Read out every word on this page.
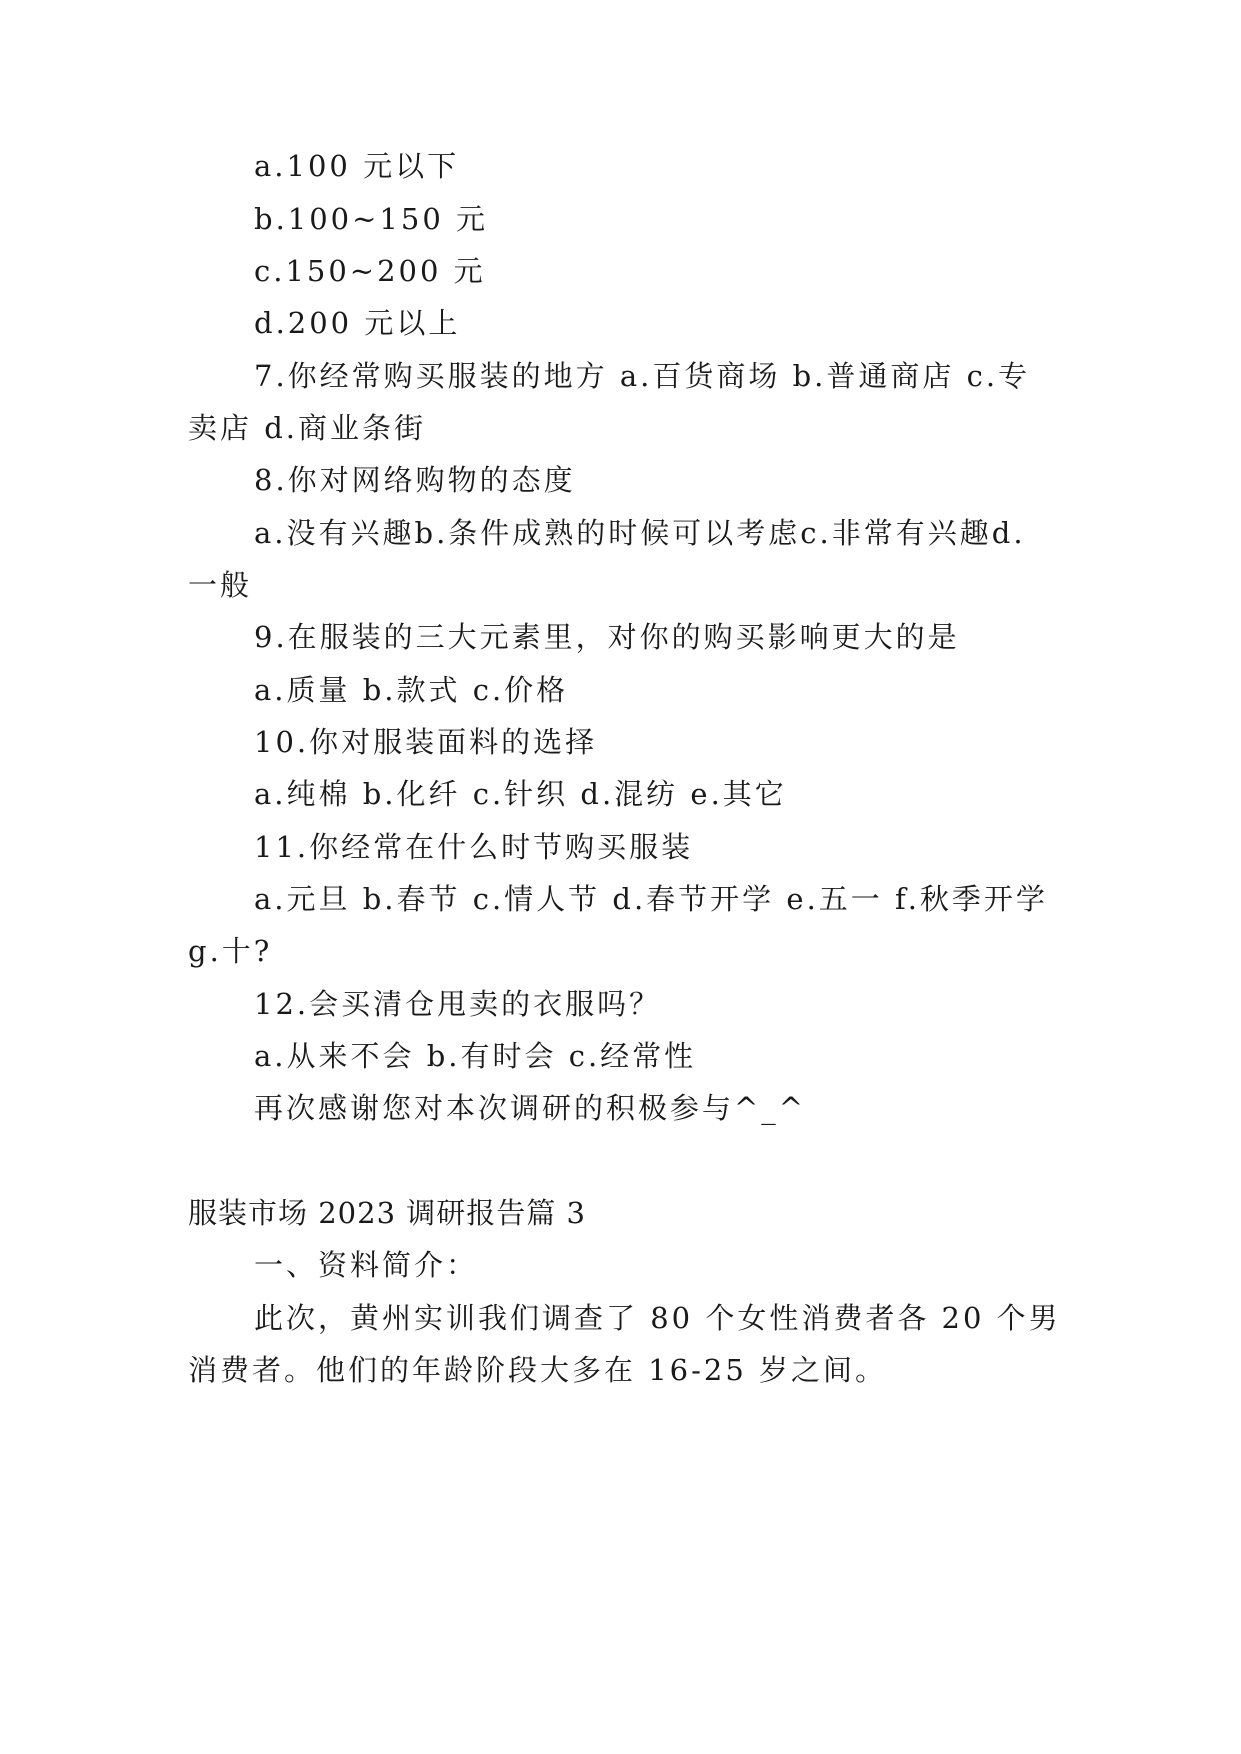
a.100 元以下
b.100~150 元
c.150~200 元
d.200 元以上
7.你经常购买服装的地方 a.百货商场 b.普通商店 c.专
卖店 d.商业条街
8.你对网络购物的态度
a.没有兴趣b.条件成熟的时候可以考虑c.非常有兴趣d.
一般
9.在服装的三大元素里，对你的购买影响更大的是
a.质量 b.款式 c.价格
10.你对服装面料的选择
a.纯棉 b.化纤 c.针织 d.混纺 e.其它
11.你经常在什么时节购买服装
a.元旦 b.春节 c.情人节 d.春节开学 e.五一 f.秋季开学
g.十?
12.会买清仓甩卖的衣服吗？
a.从来不会 b.有时会 c.经常性
再次感谢您对本次调研的积极参与^_^
服装市场 2023 调研报告篇 3
一、资料简介：
此次，黄州实训我们调查了 80 个女性消费者各 20 个男
消费者。他们的年龄阶段大多在 16-25 岁之间。
